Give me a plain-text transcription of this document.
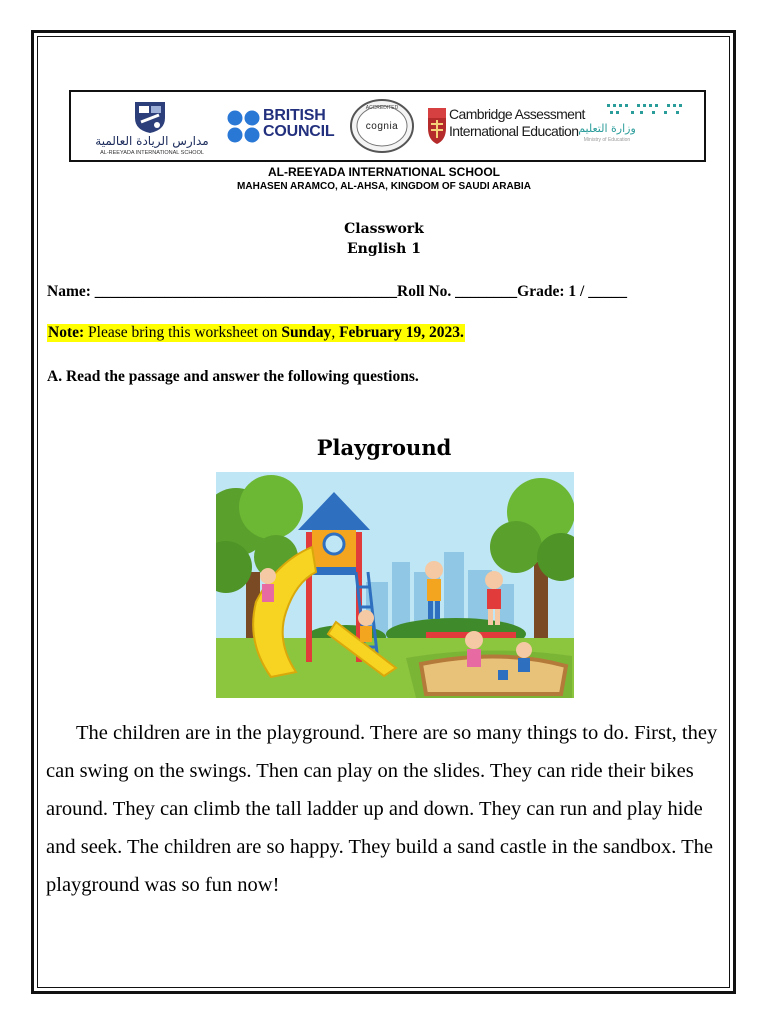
مدارس الريادة العالمية
AL-REEYADA INTERNATIONAL SCHOOL
BRITISH
COUNCIL
ACCREDITED
cognia
Cambridge Assessment
International Education وزارة التعليم
Ministry of Education
AL-REEYADA INTERNATIONAL SCHOOL
MAHASEN ARAMCO, AL-AHSA, KINGDOM OF SAUDI ARABIA
Classwork
English 1
Name: _______________________________________Roll No. ________Grade: 1 / _____
Note: Please bring this worksheet on Sunday, February 19, 2023.
A. Read the passage and answer the following questions.
Playground

The children are in the playground. There are so many things to do. First, they can swing on the swings. Then can play on the slides. They can ride their bikes around. They can climb the tall ladder up and down. They can run and play hide and seek. The children are so happy. They build a sand castle in the sandbox. The playground was so fun now!
